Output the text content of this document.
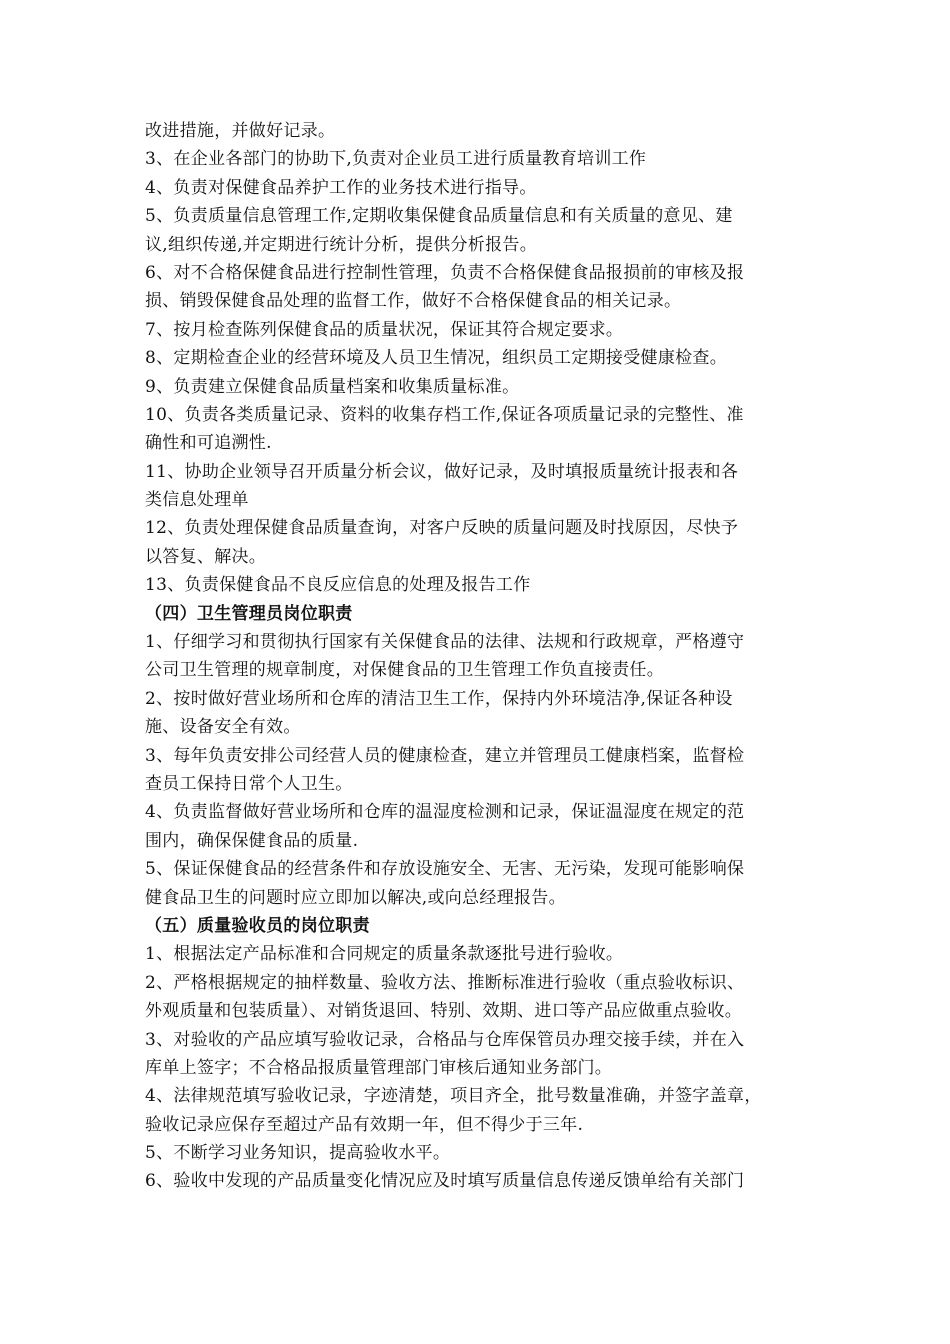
改进措施，并做好记录。
3、在企业各部门的协助下,负责对企业员工进行质量教育培训工作
4、负责对保健食品养护工作的业务技术进行指导。
5、负责质量信息管理工作,定期收集保健食品质量信息和有关质量的意见、建
议,组织传递,并定期进行统计分析，提供分析报告。
6、对不合格保健食品进行控制性管理，负责不合格保健食品报损前的审核及报
损、销毁保健食品处理的监督工作，做好不合格保健食品的相关记录。
7、按月检查陈列保健食品的质量状况，保证其符合规定要求。
8、定期检查企业的经营环境及人员卫生情况，组织员工定期接受健康检查。
9、负责建立保健食品质量档案和收集质量标准。
10、负责各类质量记录、资料的收集存档工作,保证各项质量记录的完整性、准
确性和可追溯性.
11、协助企业领导召开质量分析会议，做好记录，及时填报质量统计报表和各
类信息处理单
12、负责处理保健食品质量查询，对客户反映的质量问题及时找原因，尽快予
以答复、解决。
13、负责保健食品不良反应信息的处理及报告工作
（四）卫生管理员岗位职责
1、仔细学习和贯彻执行国家有关保健食品的法律、法规和行政规章，严格遵守
公司卫生管理的规章制度，对保健食品的卫生管理工作负直接责任。
2、按时做好营业场所和仓库的清洁卫生工作，保持内外环境洁净,保证各种设
施、设备安全有效。
3、每年负责安排公司经营人员的健康检查，建立并管理员工健康档案，监督检
查员工保持日常个人卫生。
4、负责监督做好营业场所和仓库的温湿度检测和记录，保证温湿度在规定的范
围内，确保保健食品的质量.
5、保证保健食品的经营条件和存放设施安全、无害、无污染，发现可能影响保
健食品卫生的问题时应立即加以解决,或向总经理报告。
（五）质量验收员的岗位职责
1、根据法定产品标准和合同规定的质量条款逐批号进行验收。
2、严格根据规定的抽样数量、验收方法、推断标准进行验收（重点验收标识、
外观质量和包装质量）、对销货退回、特别、效期、进口等产品应做重点验收。
3、对验收的产品应填写验收记录，合格品与仓库保管员办理交接手续，并在入
库单上签字；不合格品报质量管理部门审核后通知业务部门。
4、法律规范填写验收记录，字迹清楚，项目齐全，批号数量准确，并签字盖章，
验收记录应保存至超过产品有效期一年，但不得少于三年.
5、不断学习业务知识，提高验收水平。
6、验收中发现的产品质量变化情况应及时填写质量信息传递反馈单给有关部门
